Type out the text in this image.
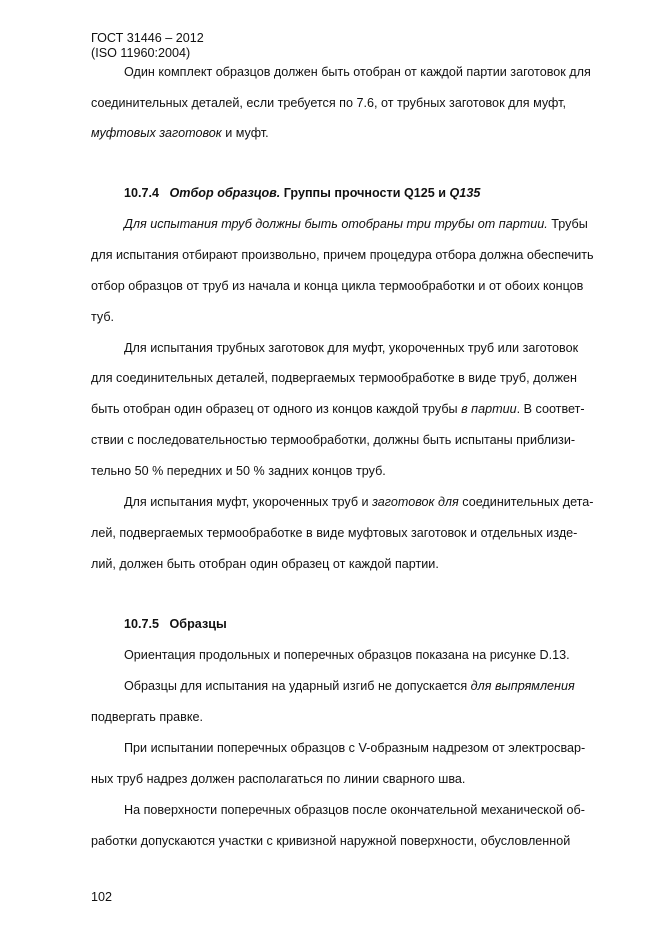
ГОСТ 31446 – 2012
(ISO 11960:2004)
Один комплект образцов должен быть отобран от каждой партии заготовок для
соединительных деталей, если требуется по 7.6, от трубных заготовок для муфт,
муфтовых заготовок и муфт.
10.7.4 Отбор образцов. Группы прочности Q125 и Q135
Для испытания труб должны быть отобраны три трубы от партии. Трубы
для испытания отбирают произвольно, причем процедура отбора должна обеспечить
отбор образцов от труб из начала и конца цикла термообработки и от обоих концов
туб.
Для испытания трубных заготовок для муфт, укороченных труб или заготовок
для соединительных деталей, подвергаемых термообработке в виде труб, должен
быть отобран один образец от одного из концов каждой трубы в партии. В соответ-
ствии с последовательностью термообработки, должны быть испытаны приблизи-
тельно 50 % передних и 50 % задних концов труб.
Для испытания муфт, укороченных труб и заготовок для соединительных дета-
лей, подвергаемых термообработке в виде муфтовых заготовок и отдельных изде-
лий, должен быть отобран один образец от каждой партии.
10.7.5 Образцы
Ориентация продольных и поперечных образцов показана на рисунке D.13.
Образцы для испытания на ударный изгиб не допускается для выпрямления
подвергать правке.
При испытании поперечных образцов с V-образным надрезом от электросвар-
ных труб надрез должен располагаться по линии сварного шва.
На поверхности поперечных образцов после окончательной механической об-
работки допускаются участки с кривизной наружной поверхности, обусловленной
102
